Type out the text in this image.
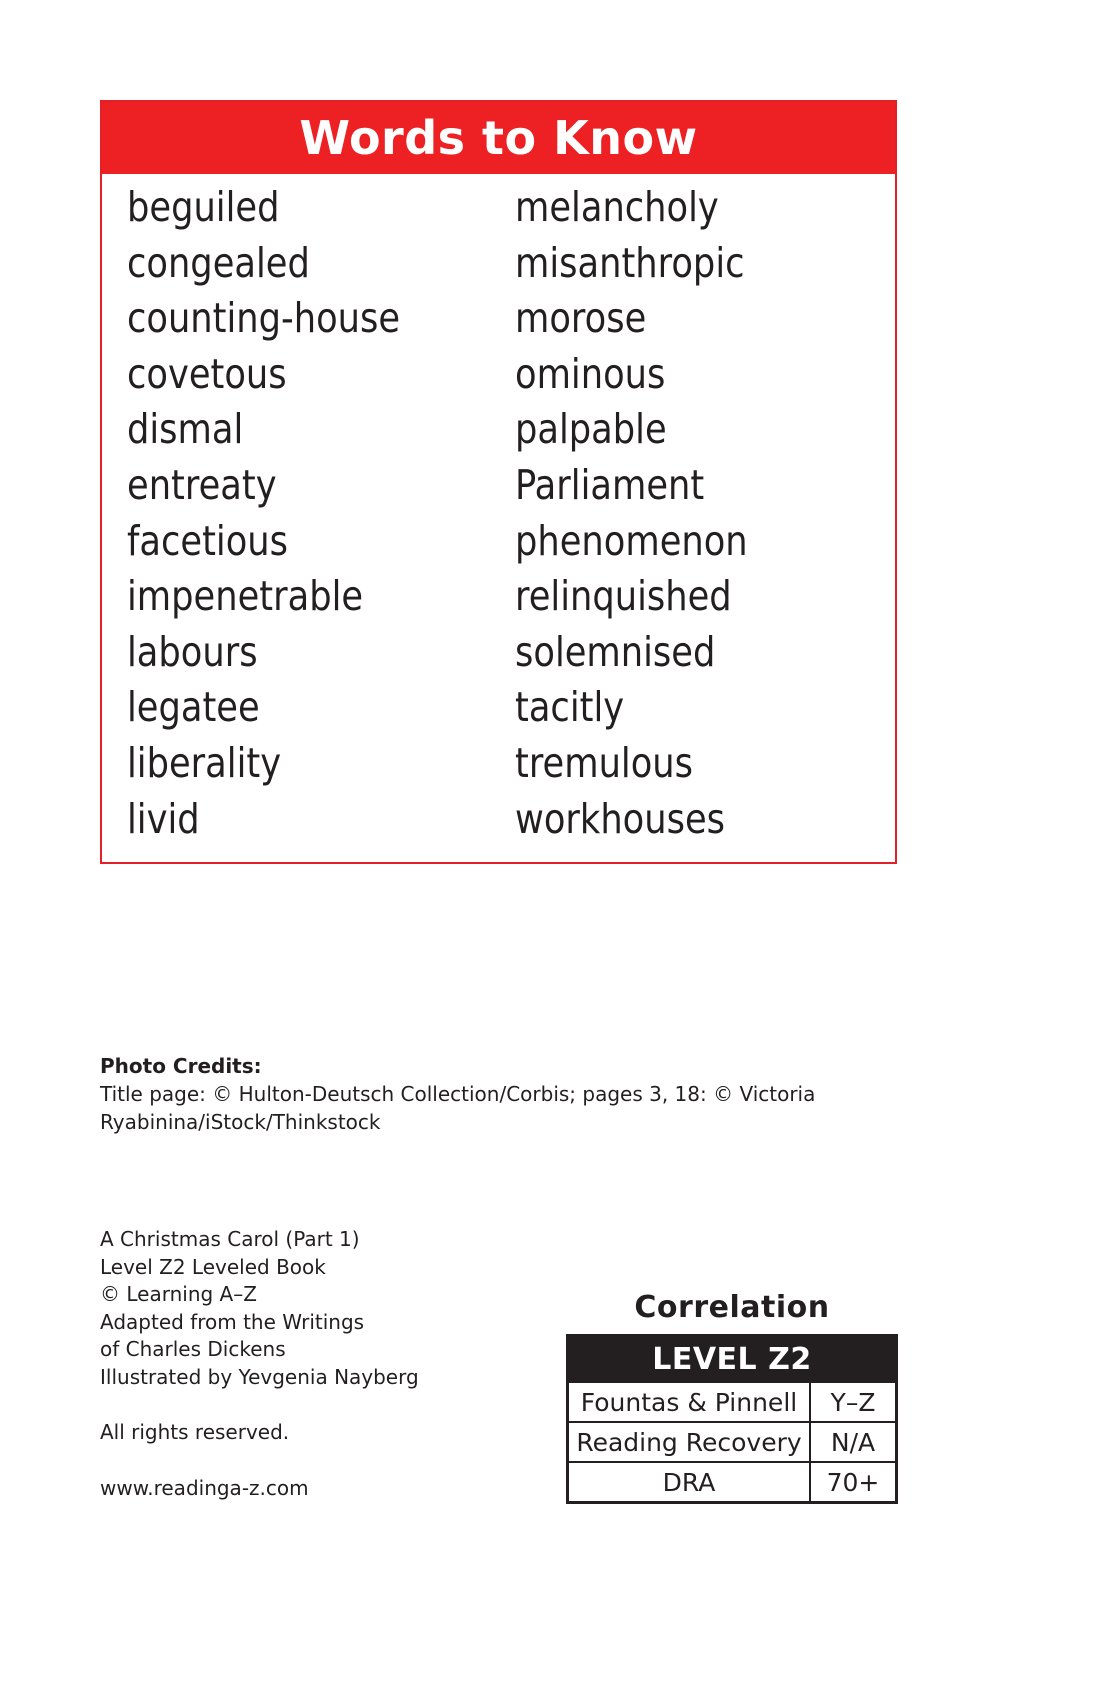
Words to Know
beguiled
congealed
counting-house
covetous
dismal
entreaty
facetious
impenetrable
labours
legatee
liberality
livid
melancholy
misanthropic
morose
ominous
palpable
Parliament
phenomenon
relinquished
solemnised
tacitly
tremulous
workhouses
Photo Credits:
Title page: © Hulton-Deutsch Collection/Corbis; pages 3, 18: © Victoria
Ryabinina/iStock/Thinkstock
A Christmas Carol (Part 1)
Level Z2 Leveled Book
© Learning A–Z
Adapted from the Writings
of Charles Dickens
Illustrated by Yevgenia Nayberg
All rights reserved.
www.readinga-z.com
Correlation
LEVEL Z2
Fountas & Pinnell	Y–Z
Reading Recovery	N/A
DRA	70+
